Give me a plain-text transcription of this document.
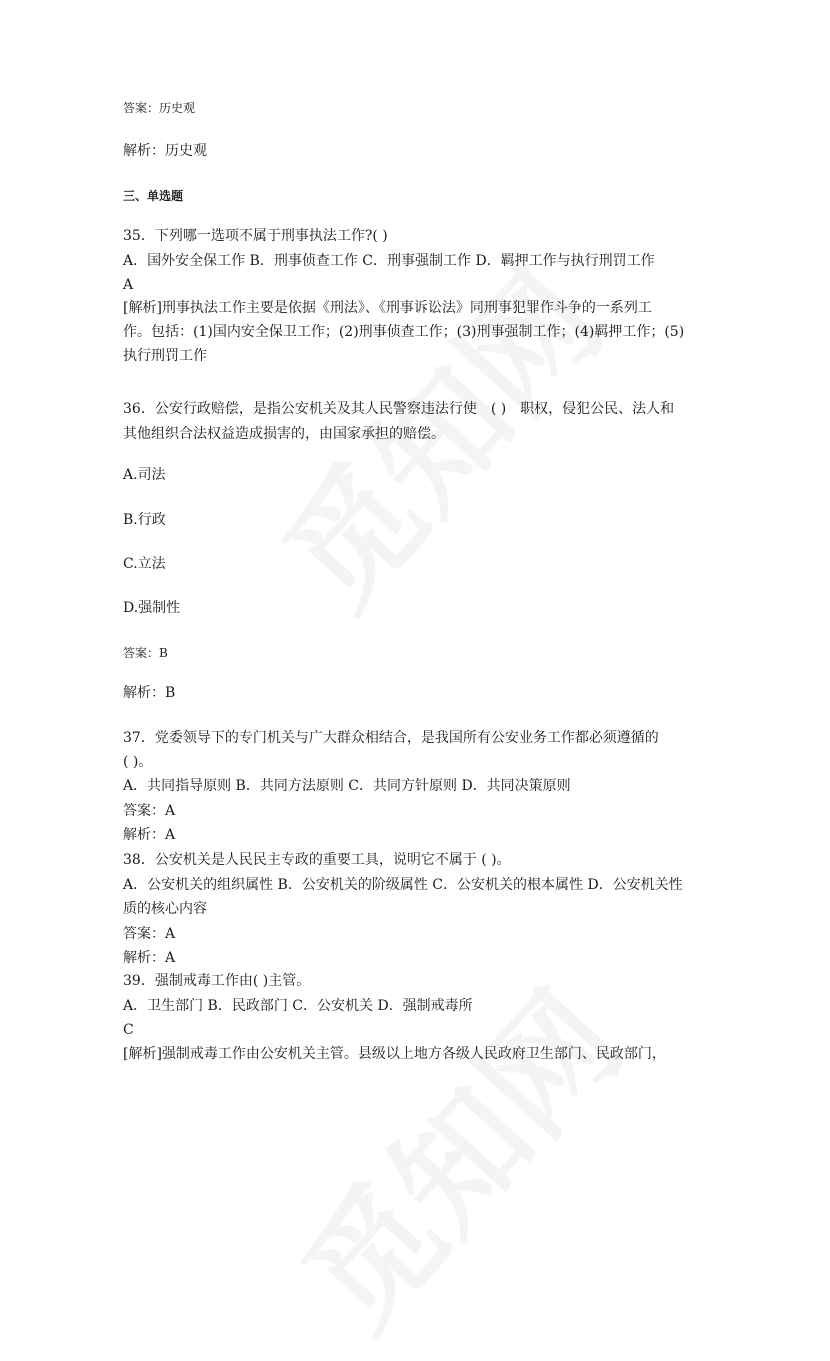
答案：历史观
解析：历史观
三、单选题
35．下列哪一选项不属于刑事执法工作?( )
A．国外安全保工作 B．刑事侦查工作 C．刑事强制工作 D．羁押工作与执行刑罚工作
A
[解析]刑事执法工作主要是依据《刑法》、《刑事诉讼法》同刑事犯罪作斗争的一系列工
作。包括：(1)国内安全保卫工作；(2)刑事侦查工作；(3)刑事强制工作；(4)羁押工作；(5)
执行刑罚工作
36．公安行政赔偿，是指公安机关及其人民警察违法行使　( )　职权，侵犯公民、法人和
其他组织合法权益造成损害的，由国家承担的赔偿。
A.司法
B.行政
C.立法
D.强制性
答案：B
解析：B
37．党委领导下的专门机关与广大群众相结合，是我国所有公安业务工作都必须遵循的
( )。
A．共同指导原则 B．共同方法原则 C．共同方针原则 D．共同决策原则
答案：A
解析：A
38．公安机关是人民民主专政的重要工具，说明它不属于 ( )。
A．公安机关的组织属性 B．公安机关的阶级属性 C．公安机关的根本属性 D．公安机关性
质的核心内容
答案：A
解析：A
39．强制戒毒工作由( )主管。
A．卫生部门 B．民政部门 C．公安机关 D．强制戒毒所
C
[解析]强制戒毒工作由公安机关主管。县级以上地方各级人民政府卫生部门、民政部门，
